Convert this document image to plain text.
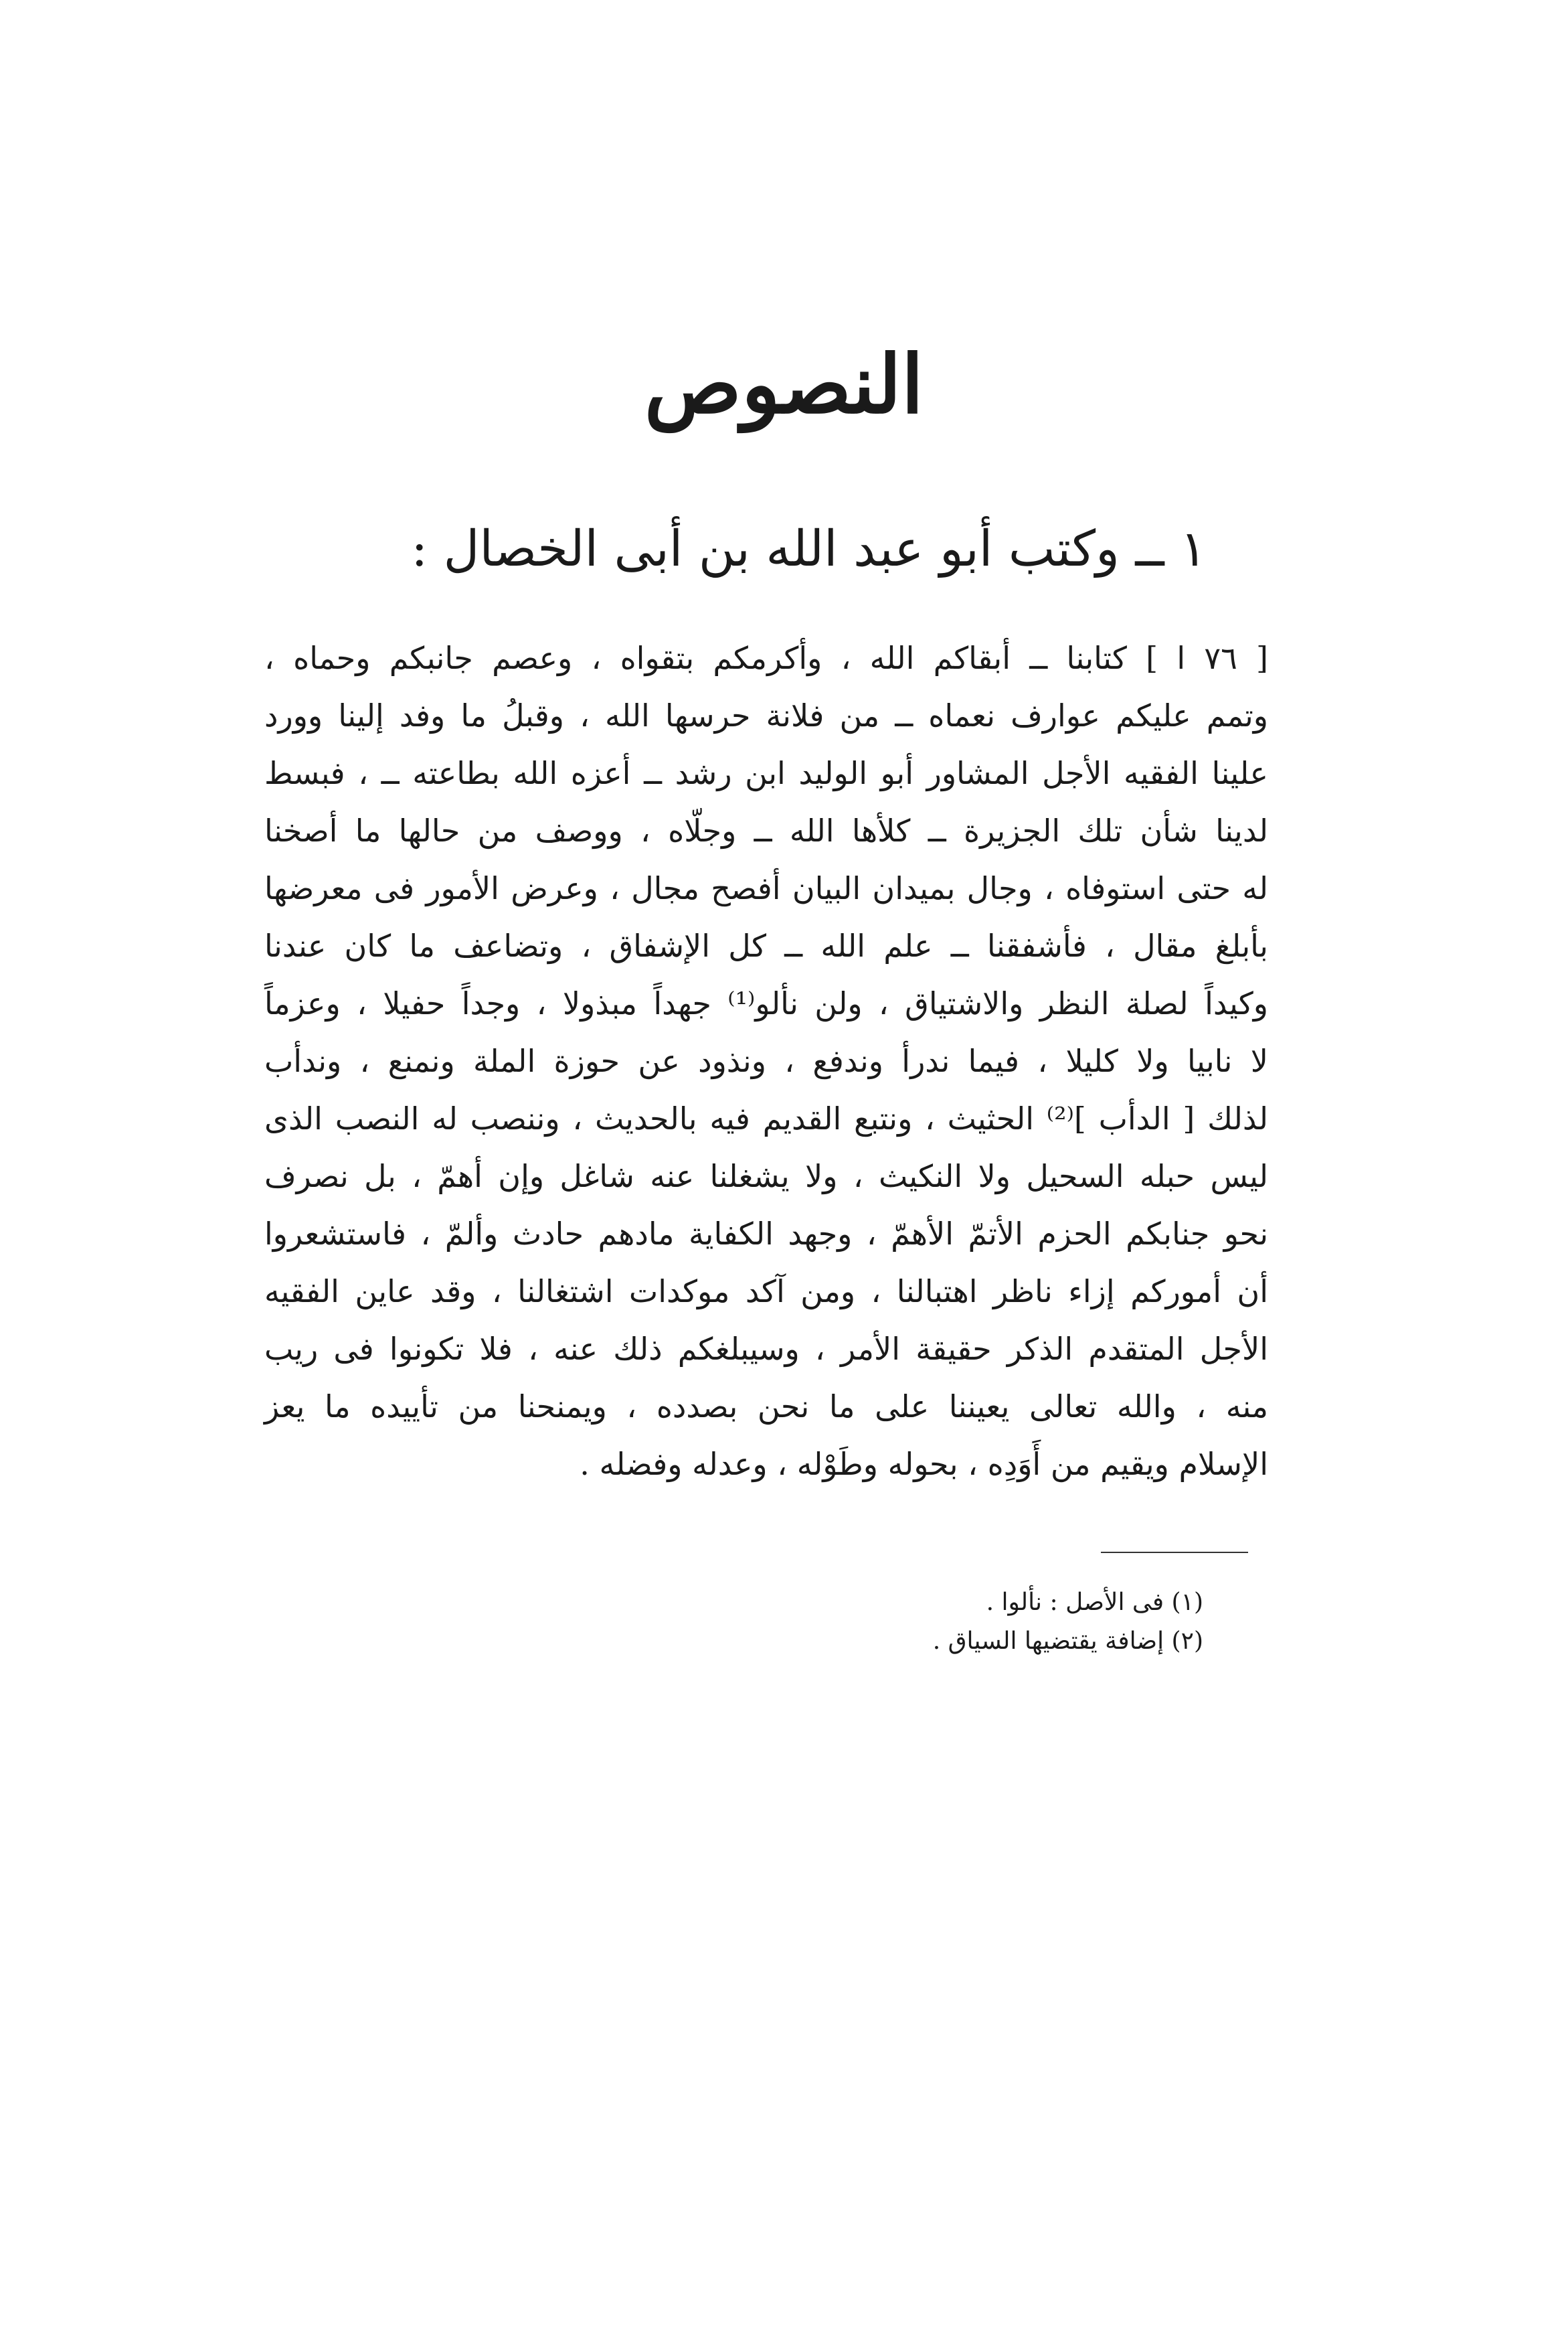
النصوص
١ ــ وكتب أبو عبد الله بن أبى الخصال :
[ ٧٦ ا ] كتابنا ــ أبقاكم الله ، وأكرمكم بتقواه ، وعصم جانبكم وحماه ،
وتمم عليكم عوارف نعماه ــ من فلانة حرسها الله ، وقبلُ ما وفد إلينا وورد
علينا الفقيه الأجل المشاور أبو الوليد ابن رشد ــ أعزه الله بطاعته ــ ، فبسط
لدينا شأن تلك الجزيرة ــ كلأها الله ــ وجلّاه ، ووصف من حالها ما أصخنا
له حتى استوفاه ، وجال بميدان البيان أفصح مجال ، وعرض الأمور فى معرضها
بأبلغ مقال ، فأشفقنا ــ علم الله ــ كل الإشفاق ، وتضاعف ما كان عندنا
وكيداً لصلة النظر والاشتياق ، ولن نألو⁽¹⁾ جهداً مبذولا ، وجداً حفيلا ، وعزماً
لا نابيا ولا كليلا ، فيما ندرأ وندفع ، ونذود عن حوزة الملة ونمنع ، وندأب
لذلك [ الدأب ]⁽²⁾ الحثيث ، ونتبع القديم فيه بالحديث ، وننصب له النصب الذى
ليس حبله السحيل ولا النكيث ، ولا يشغلنا عنه شاغل وإن أهمّ ، بل نصرف
نحو جنابكم الحزم الأتمّ الأهمّ ، وجهد الكفاية مادهم حادث وألمّ ، فاستشعروا
أن أموركم إزاء ناظر اهتبالنا ، ومن آكد موكدات اشتغالنا ، وقد عاين الفقيه
الأجل المتقدم الذكر حقيقة الأمر ، وسيبلغكم ذلك عنه ، فلا تكونوا فى ريب
منه ، والله تعالى يعيننا على ما نحن بصدده ، ويمنحنا من تأييده ما يعز
الإسلام ويقيم من أَوَدِه ، بحوله وطَوْله ، وعدله وفضله .
(١) فى الأصل : نألوا .
(٢) إضافة يقتضيها السياق .
